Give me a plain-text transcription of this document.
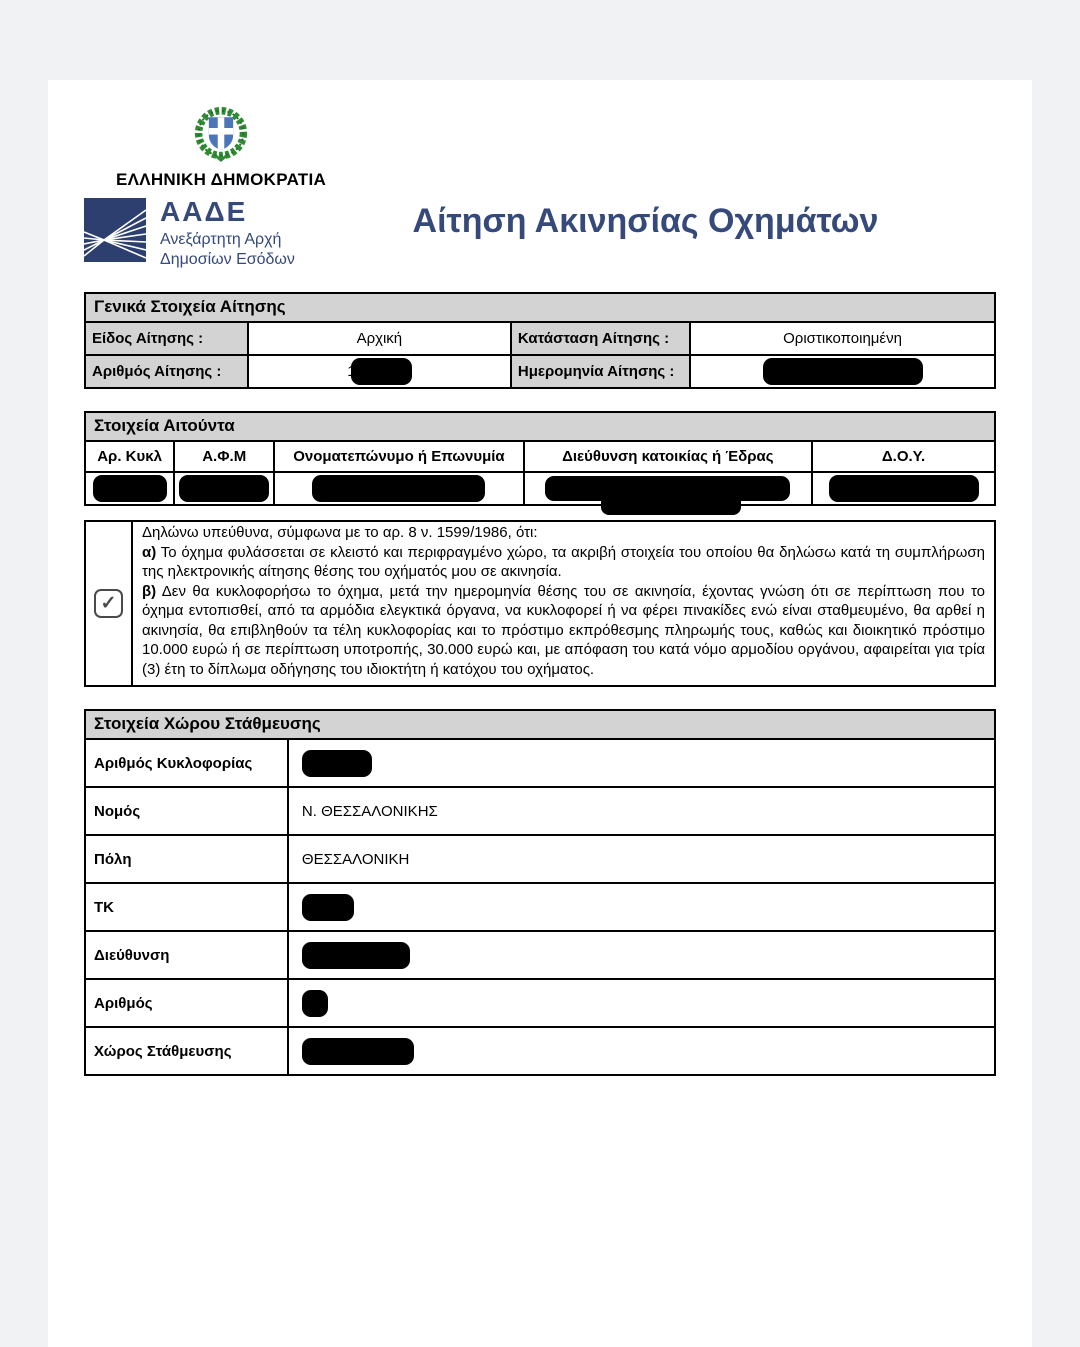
ΕΛΛΗΝΙΚΗ ΔΗΜΟΚΡΑΤΙΑ
ΑΑΔΕ
Ανεξάρτητη Αρχή
Δημοσίων Εσόδων
Αίτηση Ακινησίας Οχημάτων
Γενικά Στοιχεία Αίτησης
Είδος Αίτησης :	Αρχική	Κατάσταση Αίτησης :	Οριστικοποιημένη
Αριθμός Αίτησης :	1	Ημερομηνία Αίτησης :	
Στοιχεία Αιτούντα
Αρ. Κυκλ	Α.Φ.Μ	Ονοματεπώνυμο ή Επωνυμία	Διεύθυνση κατοικίας ή Έδρας	Δ.Ο.Υ.

✓

Δηλώνω υπεύθυνα, σύμφωνα με το αρ. 8 ν. 1599/1986, ότι:

α) Το όχημα φυλάσσεται σε κλειστό και περιφραγμένο χώρο, τα ακριβή στοιχεία του οποίου θα δηλώσω κατά τη συμπλήρωση της ηλεκτρονικής αίτησης θέσης του οχήματός μου σε ακινησία.

β) Δεν θα κυκλοφορήσω το όχημα, μετά την ημερομηνία θέσης του σε ακινησία, έχοντας γνώση ότι σε περίπτωση που το όχημα εντοπισθεί, από τα αρμόδια ελεγκτικά όργανα, να κυκλοφορεί ή να φέρει πινακίδες ενώ είναι σταθμευμένο, θα αρθεί η ακινησία, θα επιβληθούν τα τέλη κυκλοφορίας και το πρόστιμο εκπρόθεσμης πληρωμής τους, καθώς και διοικητικό πρόστιμο 10.000 ευρώ ή σε περίπτωση υποτροπής, 30.000 ευρώ και, με απόφαση του κατά νόμο αρμοδίου οργάνου, αφαιρείται για τρία (3) έτη το δίπλωμα οδήγησης του ιδιοκτήτη ή κατόχου του οχήματος.

Στοιχεία Χώρου Στάθμευσης
Αριθμός Κυκλοφορίας	
Νομός	Ν. ΘΕΣΣΑΛΟΝΙΚΗΣ
Πόλη	ΘΕΣΣΑΛΟΝΙΚΗ
ΤΚ	
Διεύθυνση	
Αριθμός	
Χώρος Στάθμευσης	
